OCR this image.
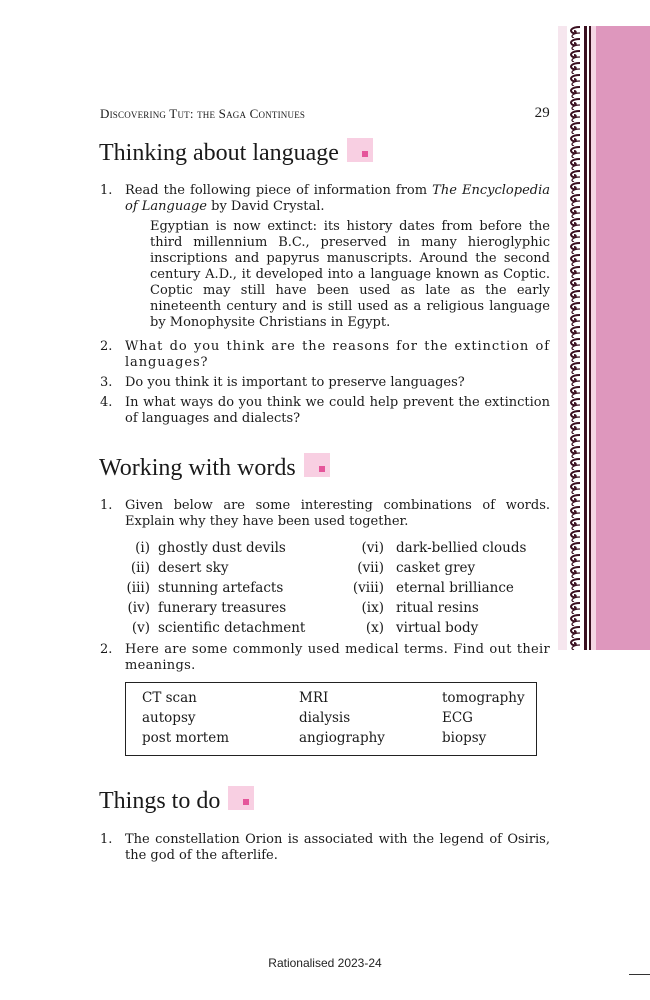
Discovering Tut: the Saga Continues	29
Thinking about language
1. Read the following piece of information from The Encyclopedia of Language by David Crystal.
Egyptian is now extinct: its history dates from before the third millennium B.C., preserved in many hieroglyphic inscriptions and papyrus manuscripts. Around the second century A.D., it developed into a language known as Coptic. Coptic may still have been used as late as the early nineteenth century and is still used as a religious language by Monophysite Christians in Egypt.
2. What do you think are the reasons for the extinction of languages?
3. Do you think it is important to preserve languages?
4. In what ways do you think we could help prevent the extinction of languages and dialects?
Working with words
1. Given below are some interesting combinations of words. Explain why they have been used together.
(i) ghostly dust devils	(vi) dark-bellied clouds
(ii) desert sky	(vii) casket grey
(iii) stunning artefacts	(viii) eternal brilliance
(iv) funerary treasures	(ix) ritual resins
(v) scientific detachment	(x) virtual body
2. Here are some commonly used medical terms. Find out their meanings.
CT scan	MRI	tomography
autopsy	dialysis	ECG
post mortem	angiography	biopsy
Things to do
1. The constellation Orion is associated with the legend of Osiris, the god of the afterlife.
Rationalised 2023-24
